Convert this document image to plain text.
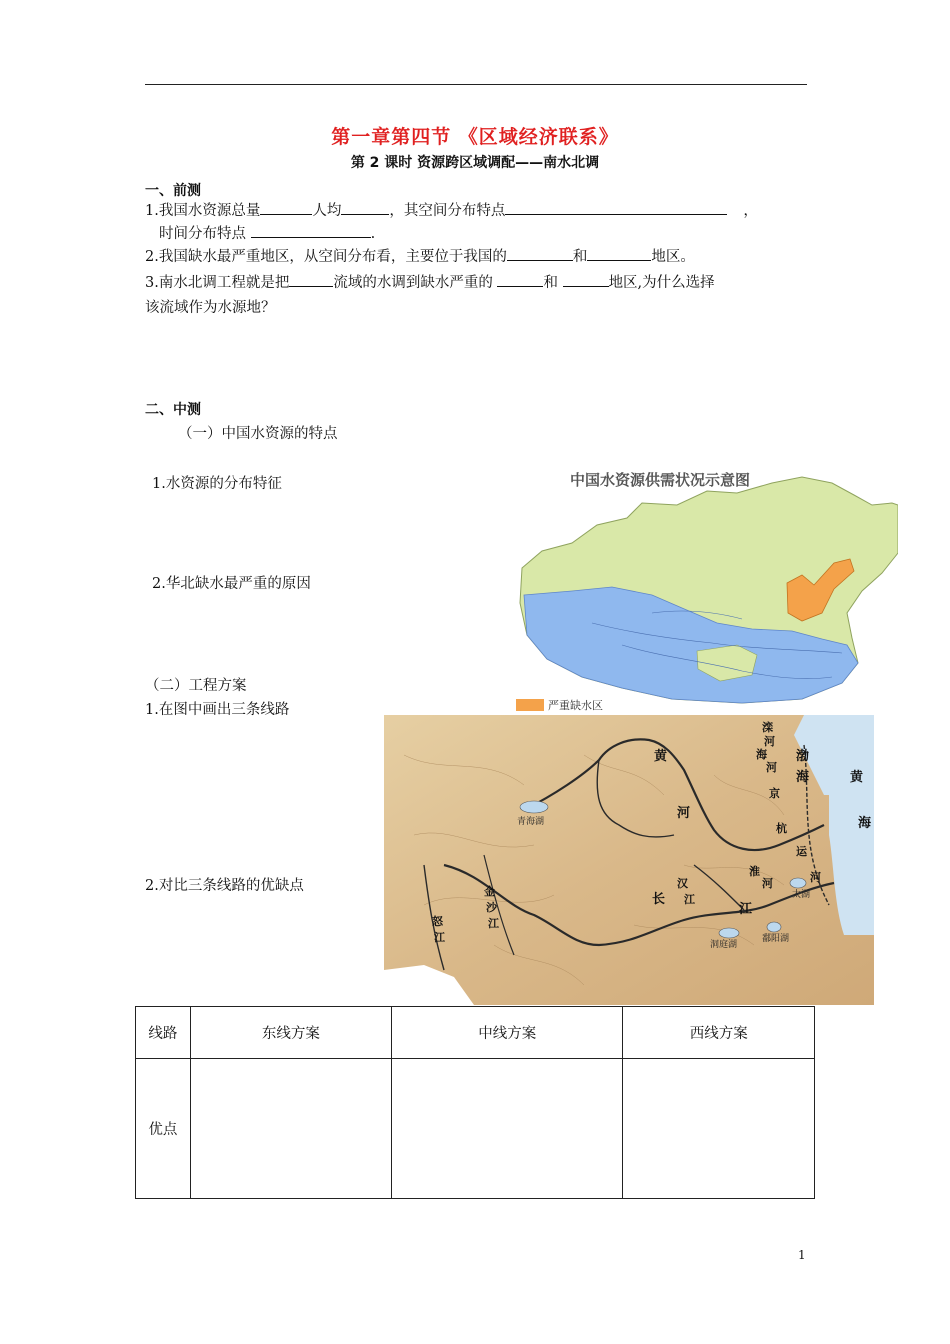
第一章第四节 《区域经济联系》
第 2 课时 资源跨区域调配——南水北调
一、前测
1.我国水资源总量	人均	，其空间分布特点	，
时间分布特点	.
2.我国缺水最严重地区，从空间分布看，主要位于我国的	和	地区。
3.南水北调工程就是把	流域的水调到缺水严重的	和	地区,为什么选择
该流域作为水源地？
二、中测
（一）中国水资源的特点
1.水资源的分布特征
2.华北缺水最严重的原因
（二）工程方案
1.在图中画出三条线路
2.对比三条线路的优缺点
中国水资源供需状况示意图
严重缺水区
黄
河
滦
河
海
河
渤
海	黄
海
京
杭
运
河
长
江
汉
江
淮
河
金
沙
江
怒
江
青海湖
太湖
洞庭湖
鄱阳湖
线路	东线方案	中线方案	西线方案
优点			
1
